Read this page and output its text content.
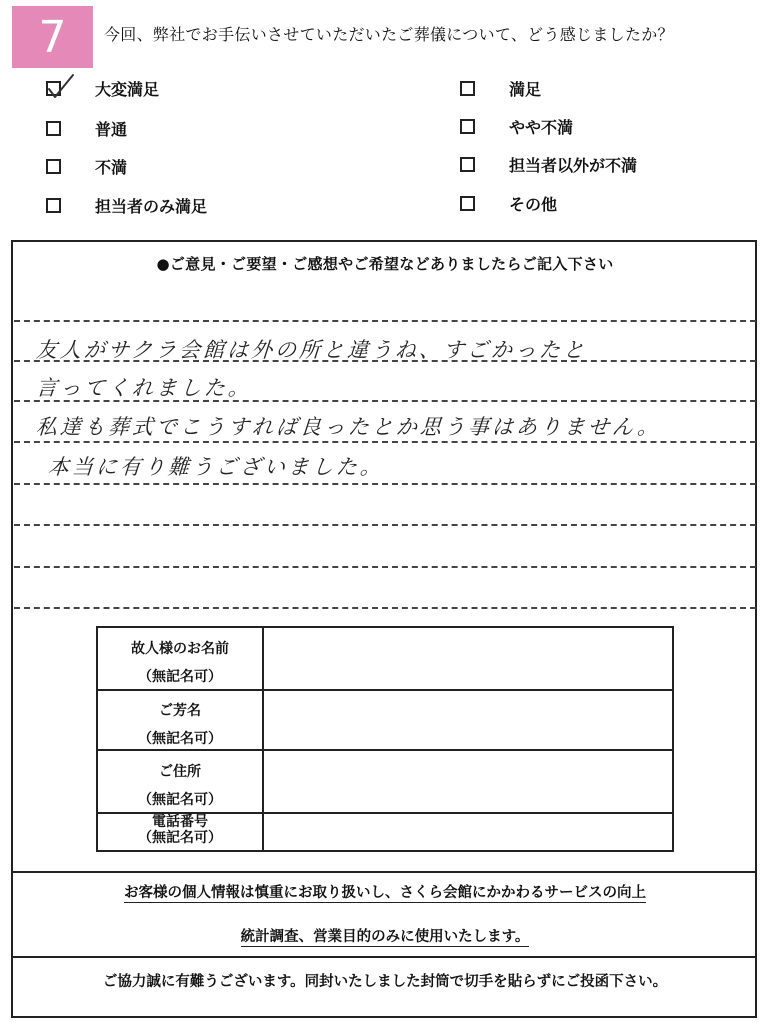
7 今回、弊社でお手伝いさせていただいたご葬儀について、どう感じましたか？
大変満足	満足
普通	やや不満
不満	担当者以外が不満
担当者のみ満足	その他
●ご意見・ご要望・ご感想やご希望などありましたらご記入下さい
友人がサクラ会館は外の所と違うね、すごかったと
言ってくれました。
私達も葬式でこうすれば良ったとか思う事はありません。
本当に有り難うございました。
故人様のお名前
（無記名可）
ご芳名
（無記名可）
ご住所
（無記名可）
電話番号
（無記名可）
お客様の個人情報は慎重にお取り扱いし、さくら会館にかかわるサービスの向上
統計調査、営業目的のみに使用いたします。
ご協力誠に有難うございます。同封いたしました封筒で切手を貼らずにご投函下さい。
